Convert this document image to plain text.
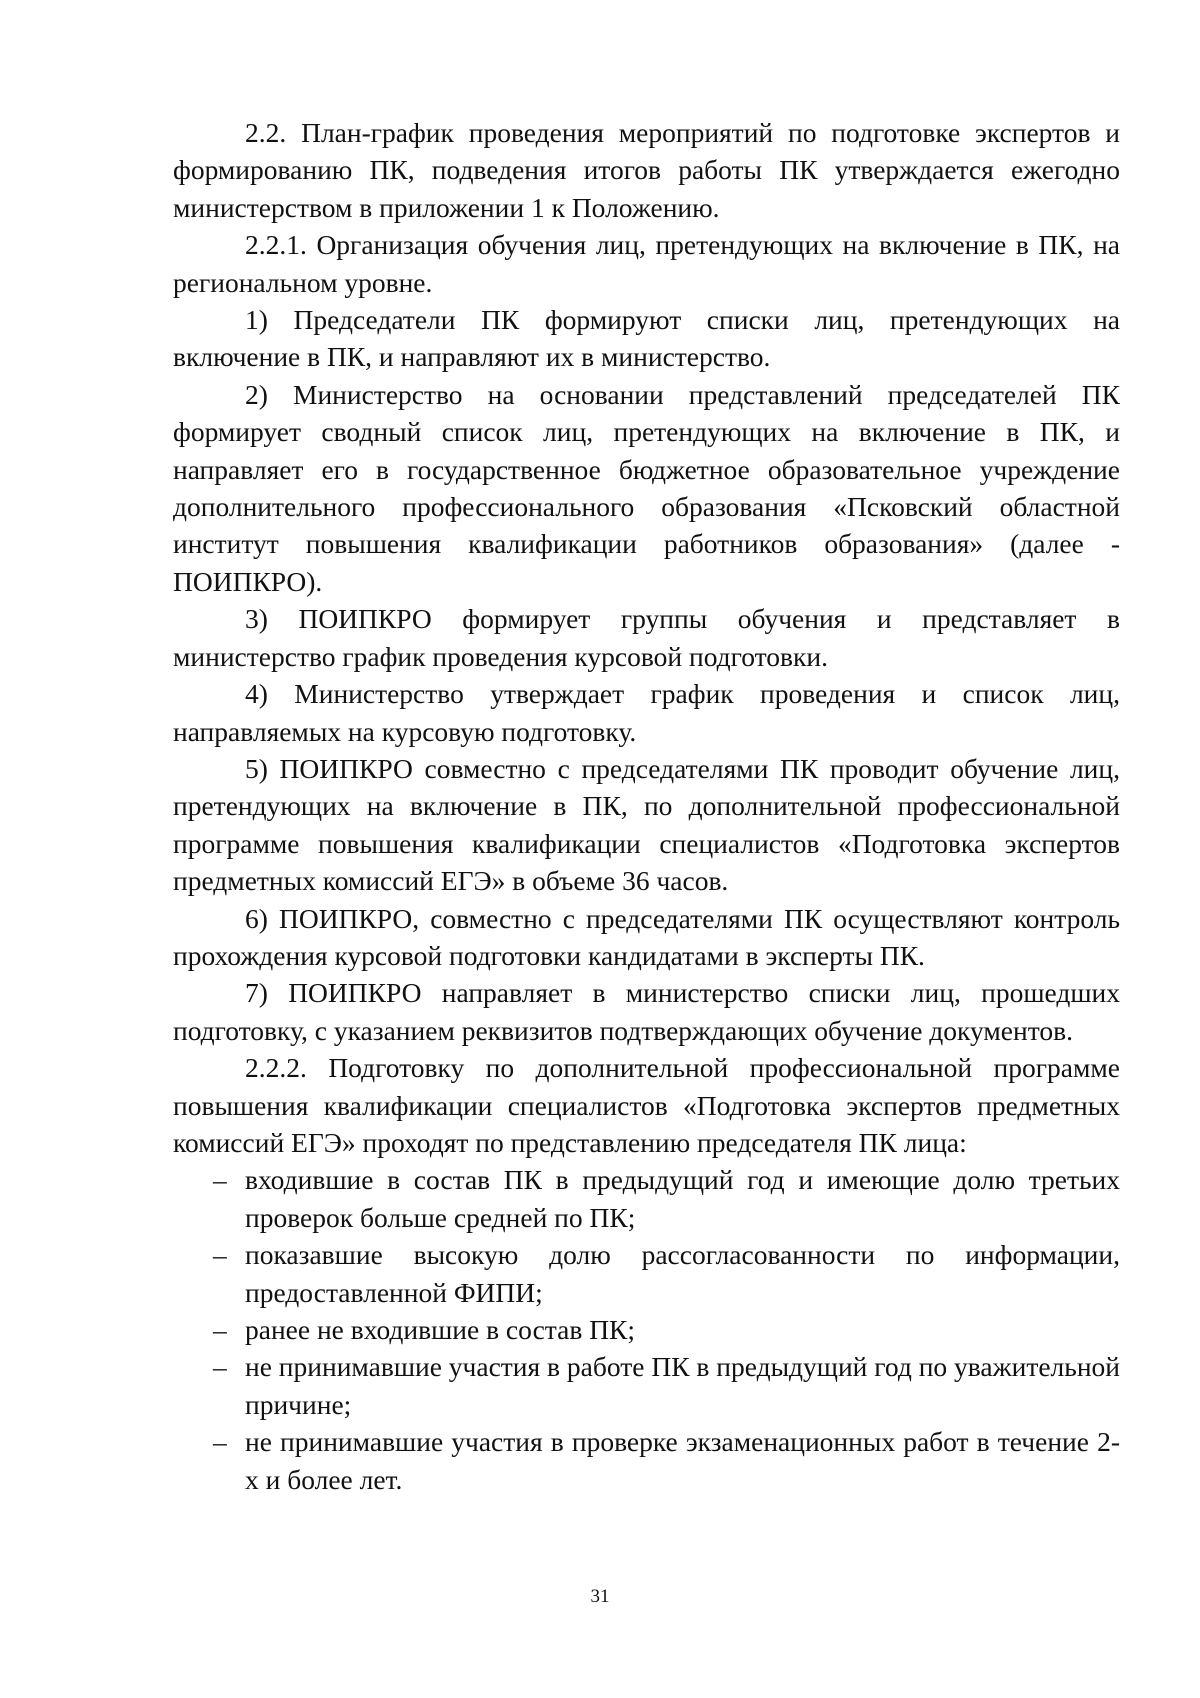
2.2. План-график проведения мероприятий по подготовке экспертов и формированию ПК, подведения итогов работы ПК утверждается ежегодно министерством в приложении 1 к Положению.

2.2.1. Организация обучения лиц, претендующих на включение в ПК, на региональном уровне.

1) Председатели ПК формируют списки лиц, претендующих на включение в ПК, и направляют их в министерство.

2) Министерство на основании представлений председателей ПК формирует сводный список лиц, претендующих на включение в ПК, и направляет его в государственное бюджетное образовательное учреждение дополнительного профессионального образования «Псковский областной институт повышения квалификации работников образования» (далее - ПОИПКРО).

3) ПОИПКРО формирует группы обучения и представляет в министерство график проведения курсовой подготовки.

4) Министерство утверждает график проведения и список лиц, направляемых на курсовую подготовку.

5) ПОИПКРО совместно с председателями ПК проводит обучение лиц, претендующих на включение в ПК, по дополнительной профессиональной программе повышения квалификации специалистов «Подготовка экспертов предметных комиссий ЕГЭ» в объеме 36 часов.

6) ПОИПКРО, совместно с председателями ПК осуществляют контроль прохождения курсовой подготовки кандидатами в эксперты ПК.

7) ПОИПКРО направляет в министерство списки лиц, прошедших подготовку, с указанием реквизитов подтверждающих обучение документов.

2.2.2. Подготовку по дополнительной профессиональной программе повышения квалификации специалистов «Подготовка экспертов предметных комиссий ЕГЭ» проходят по представлению председателя ПК лица:

– входившие в состав ПК в предыдущий год и имеющие долю третьих проверок больше средней по ПК;
– показавшие высокую долю рассогласованности по информации, предоставленной ФИПИ;
– ранее не входившие в состав ПК;
– не принимавшие участия в работе ПК в предыдущий год по уважительной причине;
– не принимавшие участия в проверке экзаменационных работ в течение 2-х и более лет.
31
